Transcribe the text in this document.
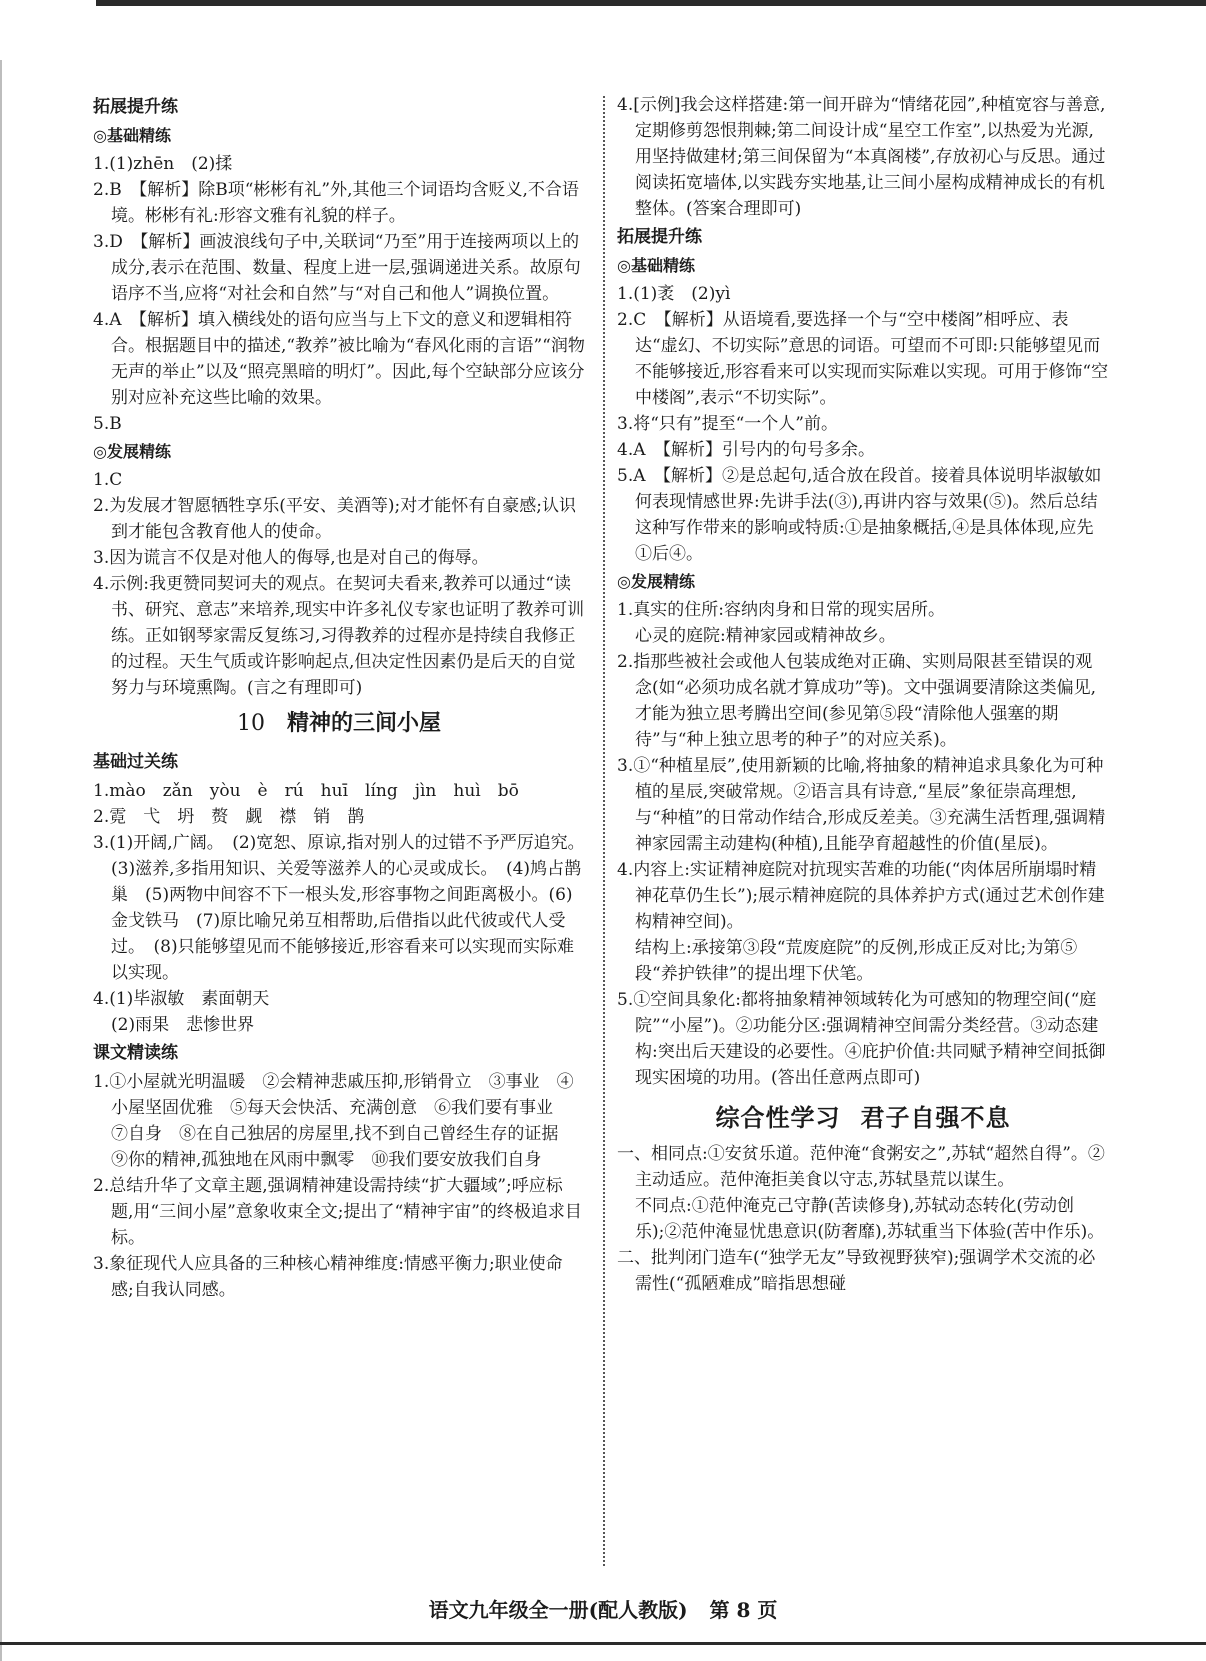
拓展提升练
◎基础精练
1.(1)zhēn　(2)揉
2.B　【解析】除B项“彬彬有礼”外,其他三个词语均含贬义,不合语境。彬彬有礼:形容文雅有礼貌的样子。
3.D　【解析】画波浪线句子中,关联词“乃至”用于连接两项以上的成分,表示在范围、数量、程度上进一层,强调递进关系。故原句语序不当,应将“对社会和自然”与“对自己和他人”调换位置。
4.A　【解析】填入横线处的语句应当与上下文的意义和逻辑相符合。根据题目中的描述,“教养”被比喻为“春风化雨的言语”“润物无声的举止”以及“照亮黑暗的明灯”。因此,每个空缺部分应该分别对应补充这些比喻的效果。
5.B
◎发展精练
1.C
2.为发展才智愿牺牲享乐(平安、美酒等);对才能怀有自豪感;认识到才能包含教育他人的使命。
3.因为谎言不仅是对他人的侮辱,也是对自己的侮辱。
4.示例:我更赞同契诃夫的观点。在契诃夫看来,教养可以通过“读书、研究、意志”来培养,现实中许多礼仪专家也证明了教养可训练。正如钢琴家需反复练习,习得教养的过程亦是持续自我修正的过程。天生气质或许影响起点,但决定性因素仍是后天的自觉努力与环境熏陶。(言之有理即可)
10 精神的三间小屋
基础过关练
1.mào　zǎn　yòu　è　rú　huī　líng　jìn　huì　bō
2.霓　弋　坍　赘　觑　襟　销　鹊
3.(1)开阔,广阔。　(2)宽恕、原谅,指对别人的过错不予严厉追究。　(3)滋养,多指用知识、关爱等滋养人的心灵或成长。　(4)鸠占鹊巢　(5)两物中间容不下一根头发,形容事物之间距离极小。(6)金戈铁马　(7)原比喻兄弟互相帮助,后借指以此代彼或代人受过。　(8)只能够望见而不能够接近,形容看来可以实现而实际难以实现。
4.(1)毕淑敏　素面朝天
(2)雨果　悲惨世界
课文精读练
1.①小屋就光明温暖　②会精神悲戚压抑,形销骨立　③事业　④小屋坚固优雅　⑤每天会快活、充满创意　⑥我们要有事业　⑦自身　⑧在自己独居的房屋里,找不到自己曾经生存的证据　⑨你的精神,孤独地在风雨中飘零　⑩我们要安放我们自身
2.总结升华了文章主题,强调精神建设需持续“扩大疆域”;呼应标题,用“三间小屋”意象收束全文;提出了“精神宇宙”的终极追求目标。
3.象征现代人应具备的三种核心精神维度:情感平衡力;职业使命感;自我认同感。
4.[示例]我会这样搭建:第一间开辟为“情绪花园”,种植宽容与善意,定期修剪怨恨荆棘;第二间设计成“星空工作室”,以热爱为光源,用坚持做建材;第三间保留为“本真阁楼”,存放初心与反思。通过阅读拓宽墙体,以实践夯实地基,让三间小屋构成精神成长的有机整体。(答案合理即可)
拓展提升练
◎基础精练
1.(1)袤　(2)yì
2.C　【解析】从语境看,要选择一个与“空中楼阁”相呼应、表达“虚幻、不切实际”意思的词语。可望而不可即:只能够望见而不能够接近,形容看来可以实现而实际难以实现。可用于修饰“空中楼阁”,表示“不切实际”。
3.将“只有”提至“一个人”前。
4.A　【解析】引号内的句号多余。
5.A　【解析】②是总起句,适合放在段首。接着具体说明毕淑敏如何表现情感世界:先讲手法(③),再讲内容与效果(⑤)。然后总结这种写作带来的影响或特质:①是抽象概括,④是具体体现,应先①后④。
◎发展精练
1.真实的住所:容纳肉身和日常的现实居所。
心灵的庭院:精神家园或精神故乡。
2.指那些被社会或他人包装成绝对正确、实则局限甚至错误的观念(如“必须功成名就才算成功”等)。文中强调要清除这类偏见,才能为独立思考腾出空间(参见第⑤段“清除他人强塞的期待”与“种上独立思考的种子”的对应关系)。
3.①“种植星辰”,使用新颖的比喻,将抽象的精神追求具象化为可种植的星辰,突破常规。②语言具有诗意,“星辰”象征崇高理想,与“种植”的日常动作结合,形成反差美。③充满生活哲理,强调精神家园需主动建构(种植),且能孕育超越性的价值(星辰)。
4.内容上:实证精神庭院对抗现实苦难的功能(“肉体居所崩塌时精神花草仍生长”);展示精神庭院的具体养护方式(通过艺术创作建构精神空间)。
结构上:承接第③段“荒废庭院”的反例,形成正反对比;为第⑤段“养护铁律”的提出埋下伏笔。
5.①空间具象化:都将抽象精神领域转化为可感知的物理空间(“庭院”“小屋”)。②功能分区:强调精神空间需分类经营。③动态建构:突出后天建设的必要性。④庇护价值:共同赋予精神空间抵御现实困境的功用。(答出任意两点即可)
综合性学习 君子自强不息
一、相同点:①安贫乐道。范仲淹“食粥安之”,苏轼“超然自得”。②主动适应。范仲淹拒美食以守志,苏轼垦荒以谋生。
不同点:①范仲淹克己守静(苦读修身),苏轼动态转化(劳动创乐);②范仲淹显忧患意识(防奢靡),苏轼重当下体验(苦中作乐)。
二、批判闭门造车(“独学无友”导致视野狭窄);强调学术交流的必需性(“孤陋难成”暗指思想碰
语文九年级全一册(配人教版) 第 8 页
